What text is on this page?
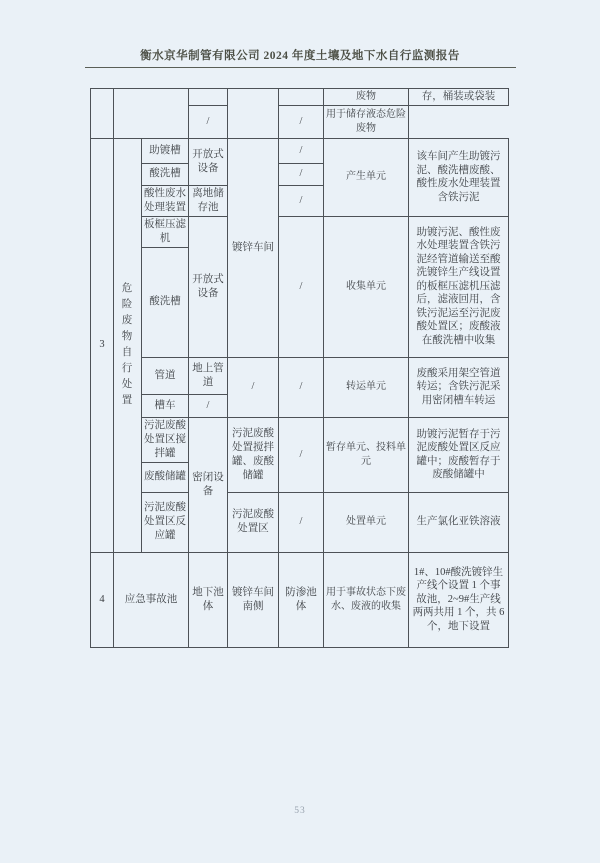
衡水京华制管有限公司 2024 年度土壤及地下水自行监测报告
						废物	存，桶装或袋装
			/		/	用于储存液态危险废物	
3	危险废物自行处置	助镀槽	开放式设备	镀锌车间	/	产生单元	该车间产生助镀污泥、酸洗槽废酸、酸性废水处理装置含铁污泥
		酸洗槽			/		
		酸性废水处理装置	离地储存池		/		
		板框压滤机	开放式设备		/	收集单元	助镀污泥、酸性废水处理装置含铁污泥经管道输送至酸洗镀锌生产线设置的板框压滤机压滤后，滤液回用，含铁污泥运至污泥废酸处置区；废酸液在酸洗槽中收集
		酸洗槽					
		管道	地上管道	/	/	转运单元	废酸采用架空管道转运；含铁污泥采用密闭槽车转运
		槽车	/				
		污泥废酸处置区搅拌罐	密闭设备	污泥废酸处置搅拌罐、废酸储罐	/	暂存单元、投料单元	助镀污泥暂存于污泥废酸处置区反应罐中；废酸暂存于废酸储罐中
		废酸储罐					
		污泥废酸处置区反应罐		污泥废酸处置区	/	处置单元	生产氯化亚铁溶液
4	应急事故池		地下池体	镀锌车间南侧	防渗池体	用于事故状态下废水、废液的收集	1#、10#酸洗镀锌生产线个设置 1 个事故池，2~9#生产线两两共用 1 个，共 6 个，地下设置
53
